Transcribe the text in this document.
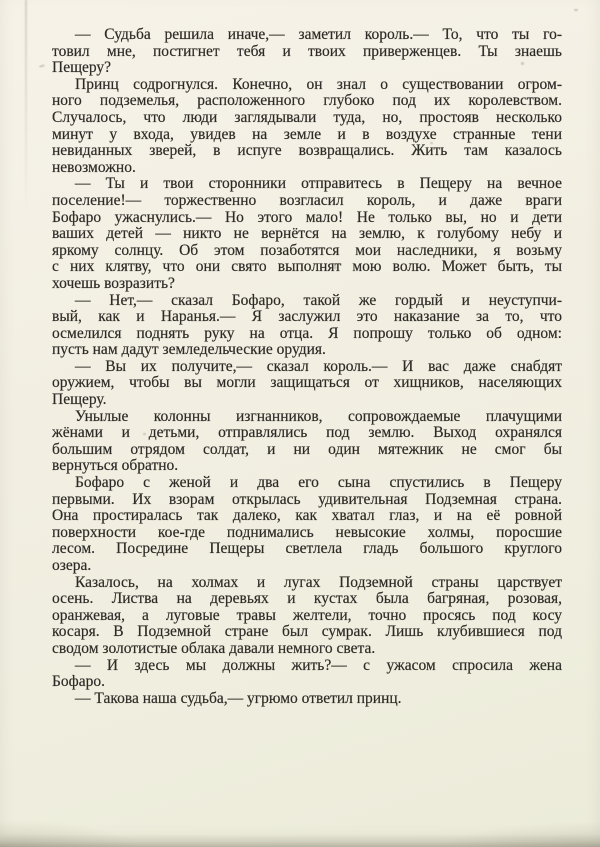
— Судьба решила иначе,— заметил король.— То, что ты го-
товил мне, постигнет тебя и твоих приверженцев. Ты знаешь
Пещеру?
Принц содрогнулся. Конечно, он знал о существовании огром-
ного подземелья, расположенного глубоко под их королевством.
Случалось, что люди заглядывали туда, но, простояв несколько
минут у входа, увидев на земле и в воздухе странные тени
невиданных зверей, в испуге возвращались. Жить там казалось
невозможно.
— Ты и твои сторонники отправитесь в Пещеру на вечное
поселение!— торжественно возгласил король, и даже враги
Бофаро ужаснулись.— Но этого мало! Не только вы, но и дети
ваших детей — никто не вернётся на землю, к голубому небу и
яркому солнцу. Об этом позаботятся мои наследники, я возьму
с них клятву, что они свято выполнят мою волю. Может быть, ты
хочешь возразить?
— Нет,— сказал Бофаро, такой же гордый и неуступчи-
вый, как и Наранья.— Я заслужил это наказание за то, что
осмелился поднять руку на отца. Я попрошу только об одном:
пусть нам дадут земледельческие орудия.
— Вы их получите,— сказал король.— И вас даже снабдят
оружием, чтобы вы могли защищаться от хищников, населяющих
Пещеру.
Унылые колонны изгнанников, сопровождаемые плачущими
жёнами и детьми, отправлялись под землю. Выход охранялся
большим отрядом солдат, и ни один мятежник не смог бы
вернуться обратно.
Бофаро с женой и два его сына спустились в Пещеру
первыми. Их взорам открылась удивительная Подземная страна.
Она простиралась так далеко, как хватал глаз, и на её ровной
поверхности кое-где поднимались невысокие холмы, поросшие
лесом. Посредине Пещеры светлела гладь большого круглого
озера.
Казалось, на холмах и лугах Подземной страны царствует
осень. Листва на деревьях и кустах была багряная, розовая,
оранжевая, а луговые травы желтели, точно просясь под косу
косаря. В Подземной стране был сумрак. Лишь клубившиеся под
сводом золотистые облака давали немного света.
— И здесь мы должны жить?— с ужасом спросила жена
Бофаро.
— Такова наша судьба,— угрюмо ответил принц.
